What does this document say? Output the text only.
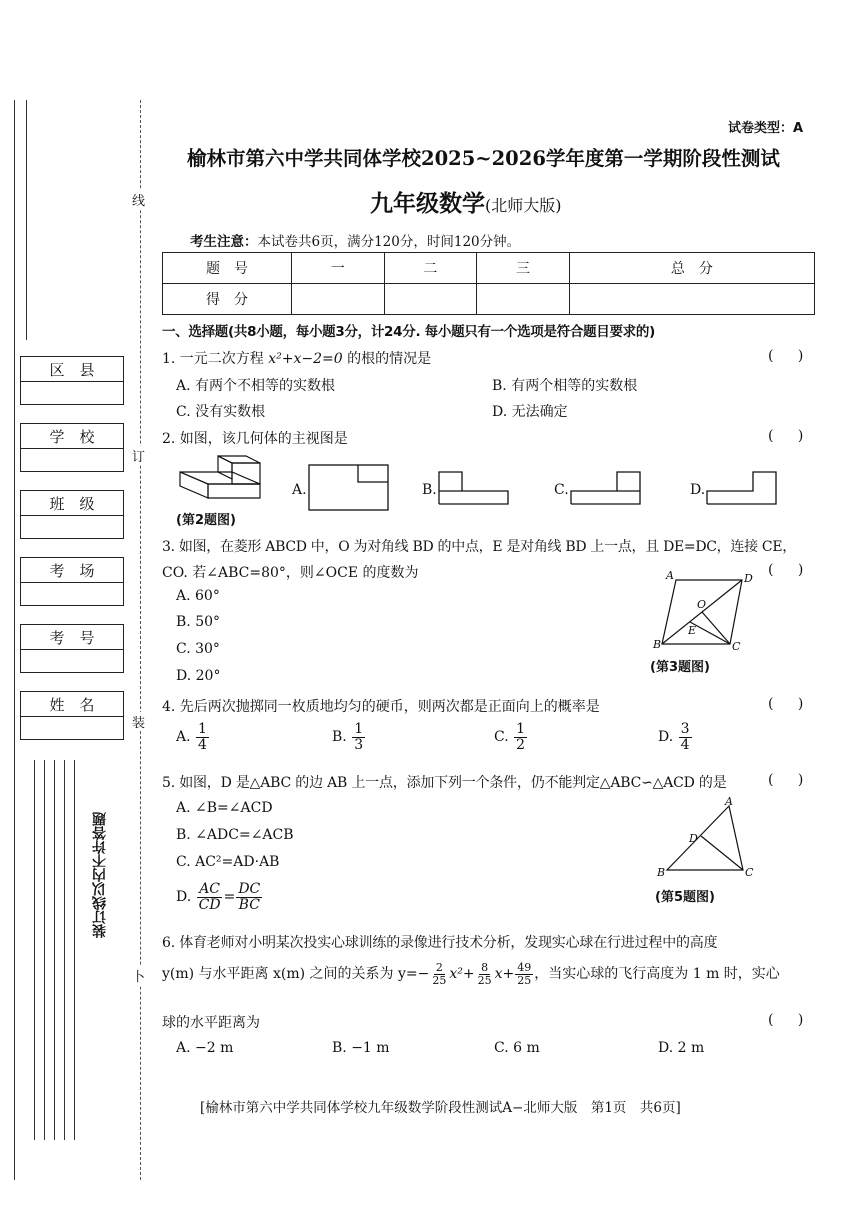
区　县
学　校
班　级
考　场
考　号
姓　名
线
订
装
卜
装订线以内不许答题
试卷类型：A
榆林市第六中学共同体学校2025~2026学年度第一学期阶段性测试
九年级数学(北师大版)
考生注意：本试卷共6页，满分120分，时间120分钟。
题　号	一	二	三	总　分
得　分				
一、选择题(共8小题，每小题3分，计24分. 每小题只有一个选项是符合题目要求的)
1. 一元二次方程 x²+x−2=0 的根的情况是	( )
A. 有两个不相等的实数根	B. 有两个相等的实数根
C. 没有实数根	D. 无法确定
2. 如图，该几何体的主视图是	( )
(第2题图)
A.	B.	C.	D.
3. 如图，在菱形 ABCD 中，O 为对角线 BD 的中点，E 是对角线 BD 上一点，且 DE=DC，连接 CE，
CO. 若∠ABC=80°，则∠OCE 的度数为	( )
A. 60°
B. 50°
C. 30°
D. 20°
A	D
B	C
O
E
(第3题图)
4. 先后两次抛掷同一枚质地均匀的硬币，则两次都是正面向上的概率是	( )
A. $\frac{1}{4}$	B. $\frac{1}{3}$	C. $\frac{1}{2}$	D. $\frac{3}{4}$
5. 如图，D 是△ABC 的边 AB 上一点，添加下列一个条件，仍不能判定△ABC∽△ACD 的是	( )
A. ∠B=∠ACD
B. ∠ADC=∠ACB
C. AC²=AD·AB
D. $\frac{AC}{CD} = \frac{DC}{BC}$
A
D
B	C
(第5题图)
6. 体育老师对小明某次投实心球训练的录像进行技术分析，发现实心球在行进过程中的高度
y(m) 与水平距离 x(m) 之间的关系为 $y=- \frac{2}{25} x^2+ \frac{8}{25} x+ \frac{49}{25}$ ，当实心球的飞行高度为 1 m 时，实心
球的水平距离为	( )
A. −2 m	B. −1 m	C. 6 m	D. 2 m
[榆林市第六中学共同体学校九年级数学阶段性测试A−北师大版　第1页　共6页]
